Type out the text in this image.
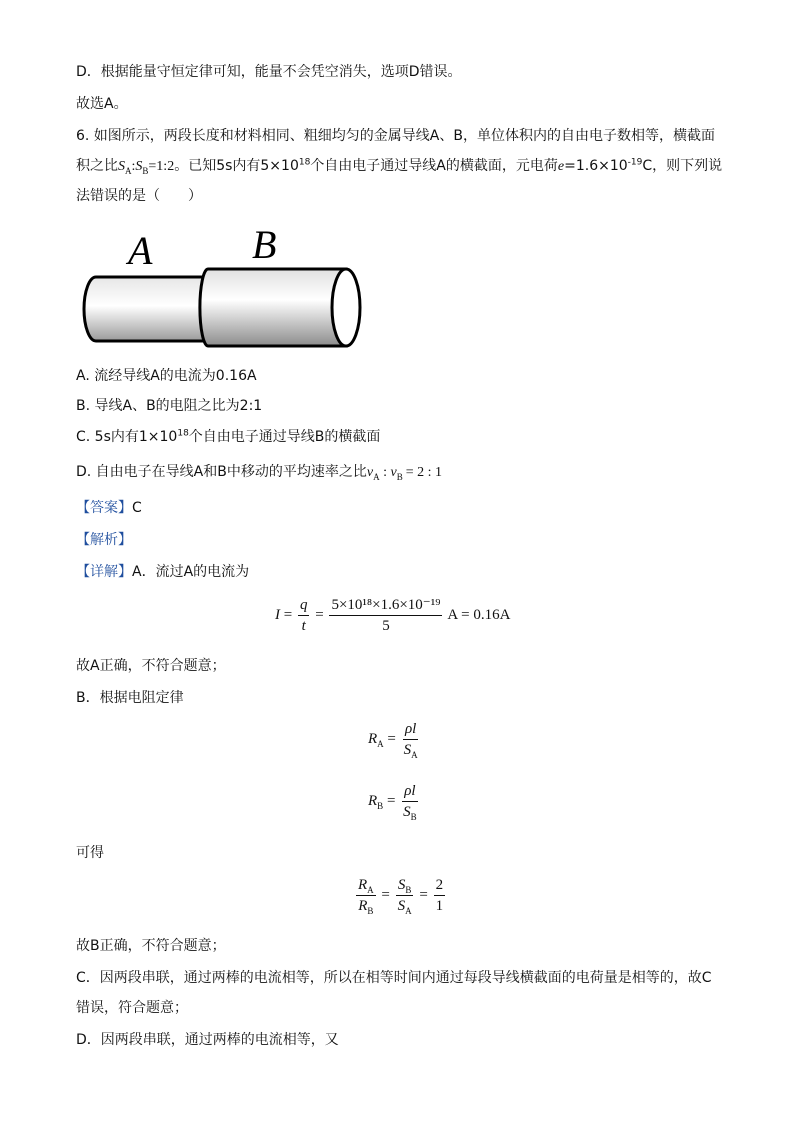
D．根据能量守恒定律可知，能量不会凭空消失，选项D错误。
故选A。
6. 如图所示，两段长度和材料相同、粗细均匀的金属导线A、B，单位体积内的自由电子数相等，横截面
积之比$S_A:S_B=1:2$。已知5s内有$5\times 10^{18}$个自由电子通过导线A的横截面，元电荷$e=1.6\times 10^{-19}C$，则下列说
法错误的是（　　）
A B
A. 流经导线A的电流为0.16A
B. 导线A、B的电阻之比为2:1
C. 5s内有$1\times 10^{18}$个自由电子通过导线B的横截面
D. 自由电子在导线A和B中移动的平均速率之比$v_A$ : $v_B = 2$ : 1
【答案】C
【解析】
【详解】A．流过A的电流为
$I = \frac{q}{t} = \frac{\text{5×10¹⁸×1.6×10⁻¹⁹}}{5}$ A = 0.16A
故A正确，不符合题意；
B．根据电阻定律
$R_A = \frac{\rho l}{S_A}$
$R_B = \frac{\rho l}{S_B}$
可得
$\frac{R_A}{R_B} = \frac{S_B}{S_A} = \frac{2}{1}$
故B正确，不符合题意；
C．因两段串联，通过两棒的电流相等，所以在相等时间内通过每段导线横截面的电荷量是相等的，故C
错误，符合题意；
D．因两段串联，通过两棒的电流相等，又
